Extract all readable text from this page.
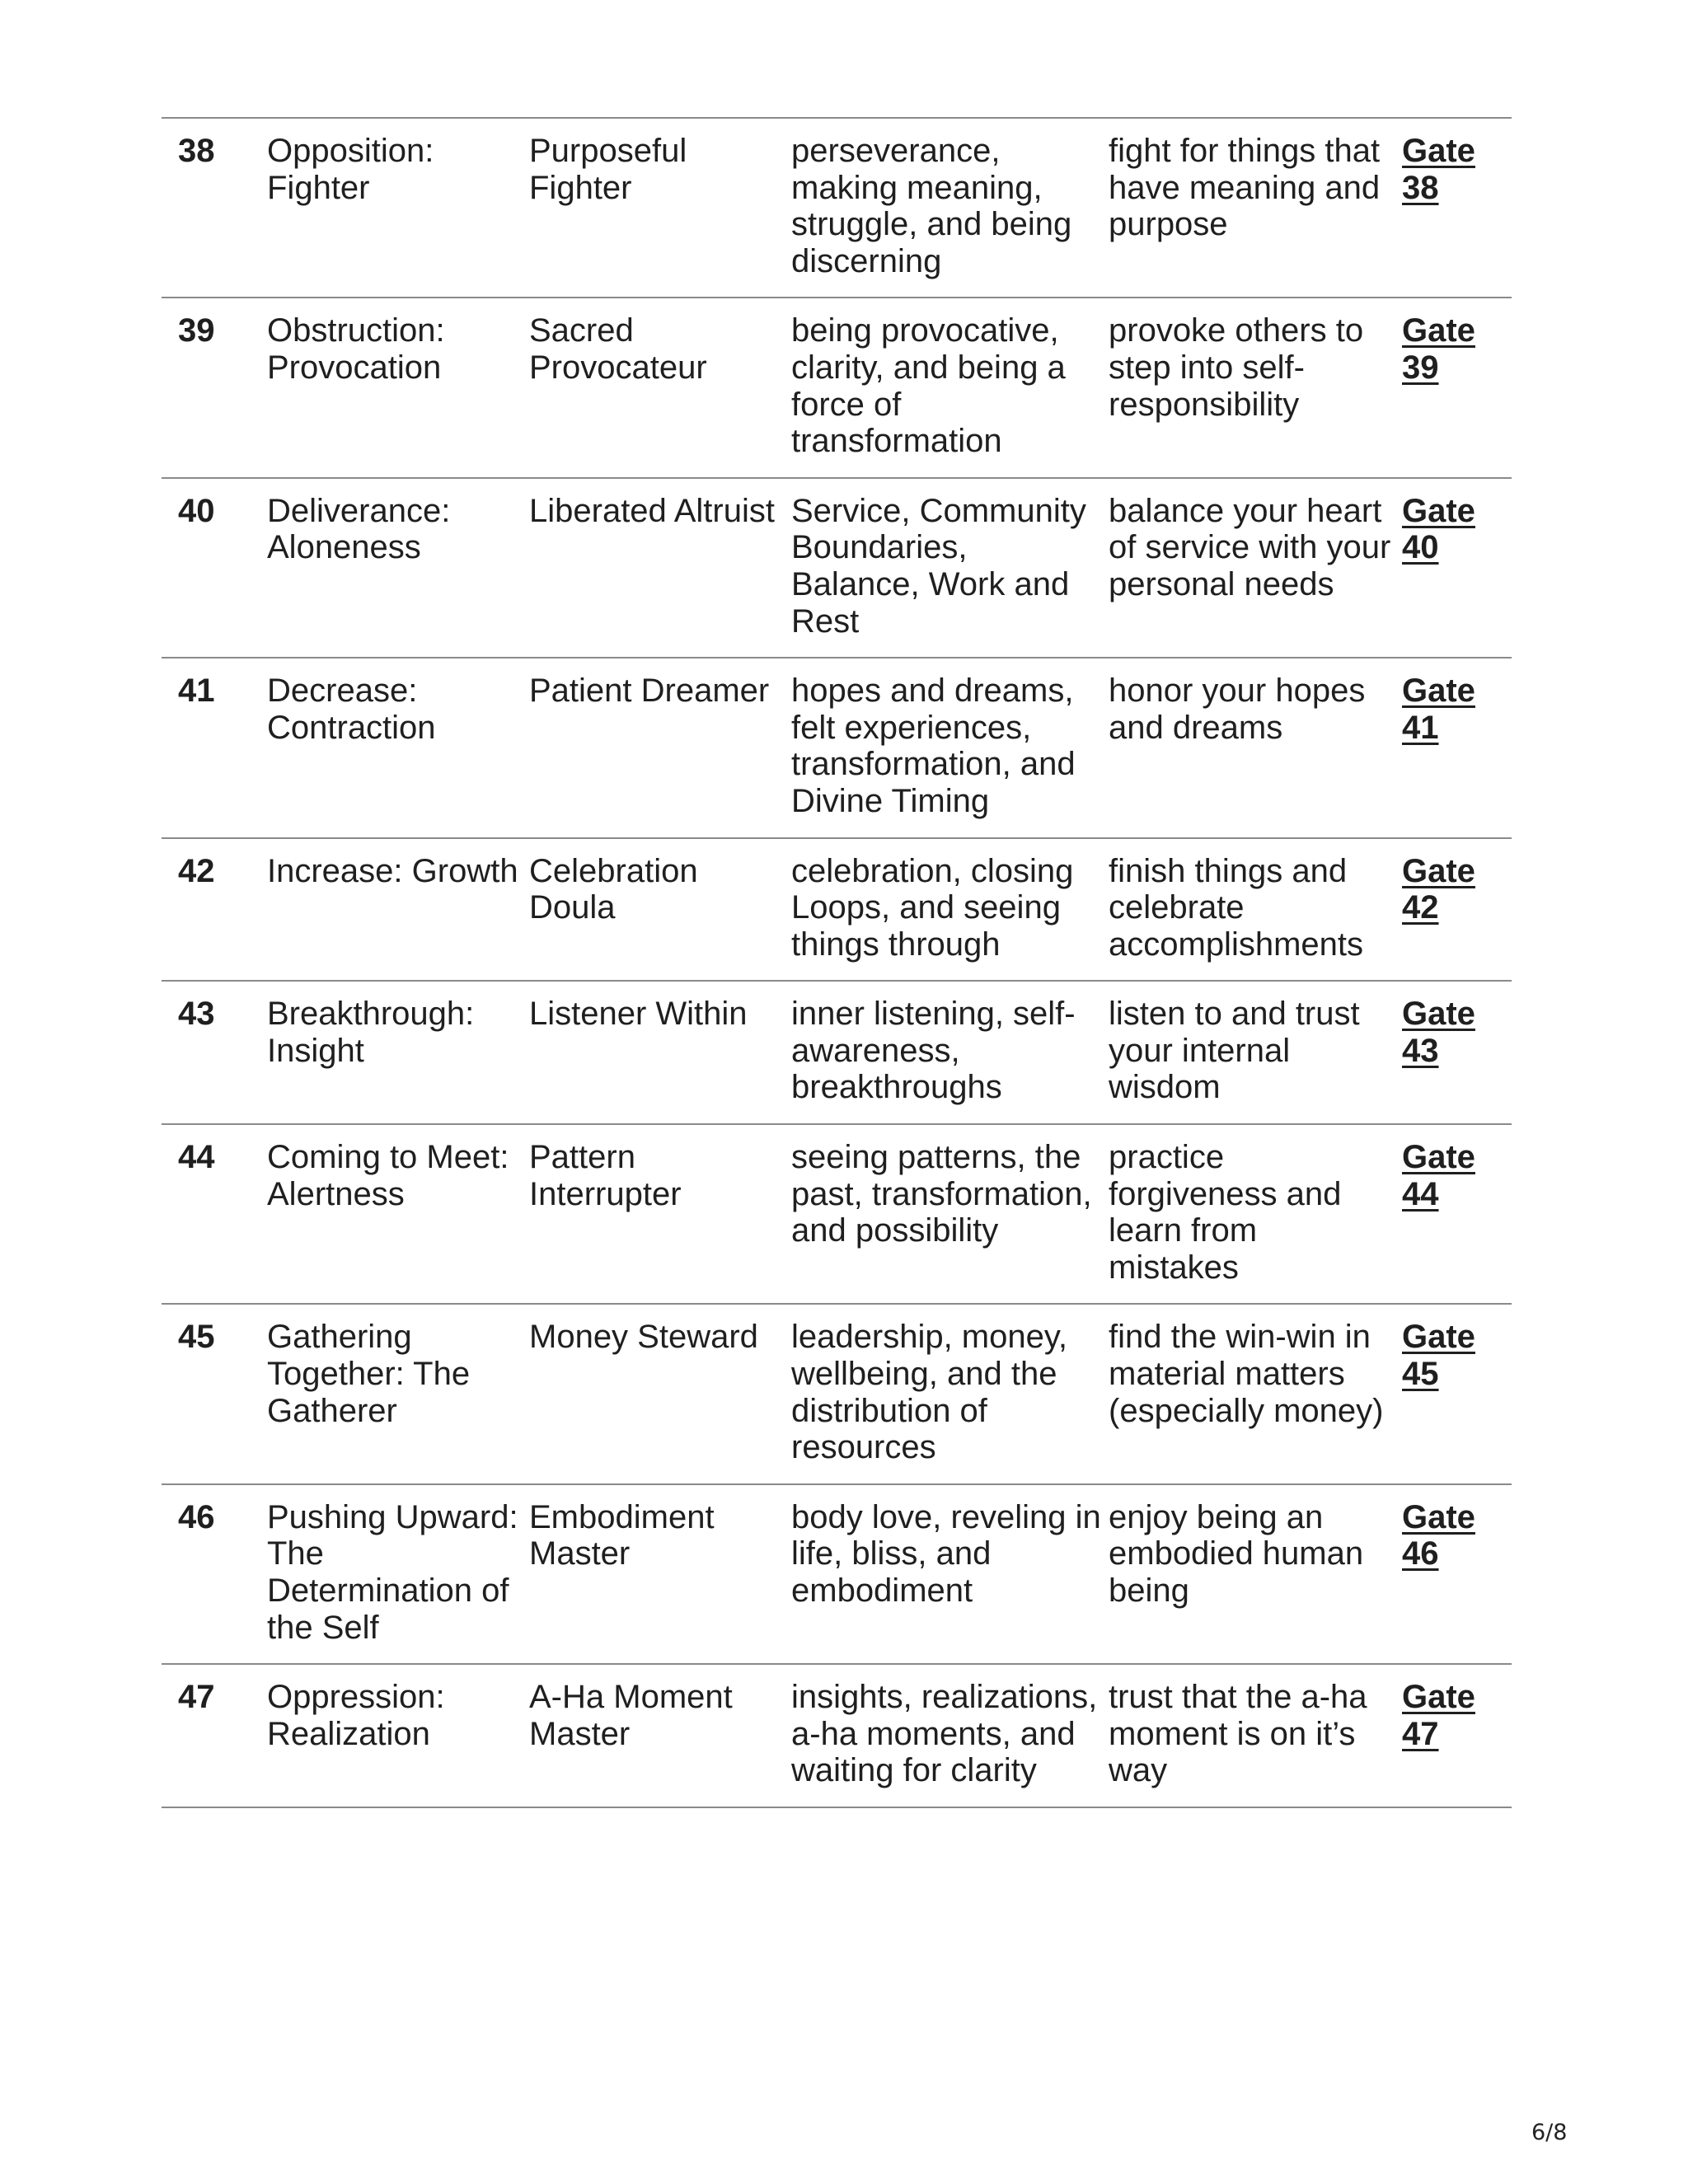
38	Opposition: Fighter	Purposeful Fighter	perseverance, making meaning, struggle, and being discerning	fight for things that have meaning and purpose	Gate 38
39	Obstruction: Provocation	Sacred Provocateur	being provocative, clarity, and being a force of transformation	provoke others to step into self-responsibility	Gate 39
40	Deliverance: Aloneness	Liberated Altruist	Service, Community Boundaries, Balance, Work and Rest	balance your heart of service with your personal needs	Gate 40
41	Decrease: Contraction	Patient Dreamer	hopes and dreams, felt experiences, transformation, and Divine Timing	honor your hopes and dreams	Gate 41
42	Increase: Growth	Celebration Doula	celebration, closing Loops, and seeing things through	finish things and celebrate accomplishments	Gate 42
43	Breakthrough: Insight	Listener Within	inner listening, self-awareness, breakthroughs	listen to and trust your internal wisdom	Gate 43
44	Coming to Meet: Alertness	Pattern Interrupter	seeing patterns, the past, transformation, and possibility	practice forgiveness and learn from mistakes	Gate 44
45	Gathering Together: The Gatherer	Money Steward	leadership, money, wellbeing, and the distribution of resources	find the win-win in material matters (especially money)	Gate 45
46	Pushing Upward: The Determination of the Self	Embodiment Master	body love, reveling in life, bliss, and embodiment	enjoy being an embodied human being	Gate 46
47	Oppression: Realization	A-Ha Moment Master	insights, realizations, a-ha moments, and waiting for clarity	trust that the a-ha moment is on it’s way	Gate 47
6/8
